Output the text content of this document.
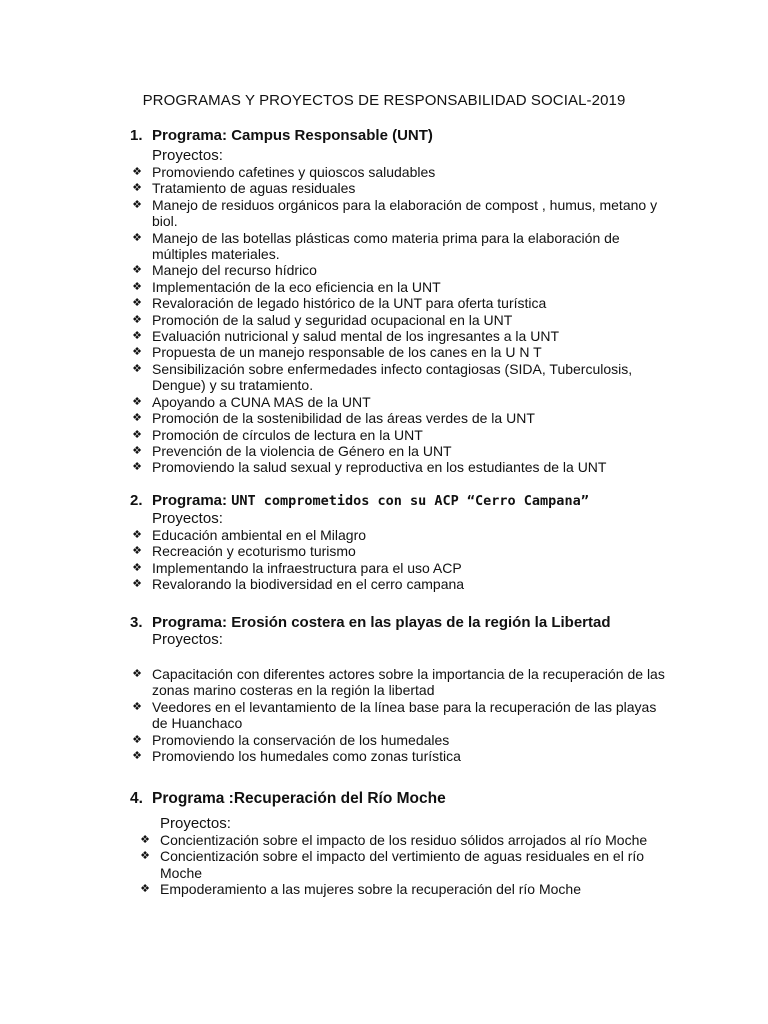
PROGRAMAS Y PROYECTOS DE RESPONSABILIDAD SOCIAL-2019
1. Programa: Campus Responsable (UNT)
Proyectos:
❖ Promoviendo cafetines y quioscos saludables
❖ Tratamiento de aguas residuales
❖ Manejo de residuos orgánicos para la elaboración de compost , humus, metano y biol.
❖ Manejo de las botellas plásticas como materia prima para la elaboración de múltiples materiales.
❖ Manejo del recurso hídrico
❖ Implementación de la eco eficiencia en la UNT
❖ Revaloración de legado histórico de la UNT para oferta turística
❖ Promoción de la salud y seguridad ocupacional en la UNT
❖ Evaluación nutricional y salud mental de los ingresantes a la UNT
❖ Propuesta de un manejo responsable de los canes en la U N T
❖ Sensibilización sobre enfermedades infecto contagiosas (SIDA, Tuberculosis, Dengue) y su tratamiento.
❖ Apoyando a CUNA MAS de la UNT
❖ Promoción de la sostenibilidad de las áreas verdes de la UNT
❖ Promoción de círculos de lectura en la UNT
❖ Prevención de la violencia de Género en la UNT
❖ Promoviendo la salud sexual y reproductiva en los estudiantes de la UNT
2. Programa: UNT comprometidos con su ACP “Cerro Campana”
Proyectos:
❖ Educación ambiental en el Milagro
❖ Recreación y ecoturismo turismo
❖ Implementando la infraestructura para el uso ACP
❖ Revalorando la biodiversidad en el cerro campana
3. Programa: Erosión costera en las playas de la región la Libertad
Proyectos:
❖ Capacitación con diferentes actores sobre la importancia de la recuperación de las zonas marino costeras en la región la libertad
❖ Veedores en el levantamiento de la línea base para la recuperación de las playas de Huanchaco
❖ Promoviendo la conservación de los humedales
❖ Promoviendo los humedales como zonas turística
4. Programa :Recuperación del Río Moche
Proyectos:
❖ Concientización sobre el impacto de los residuo sólidos arrojados al río Moche
❖ Concientización sobre el impacto del vertimiento de aguas residuales en el río Moche
❖ Empoderamiento a las mujeres sobre la recuperación del río Moche
